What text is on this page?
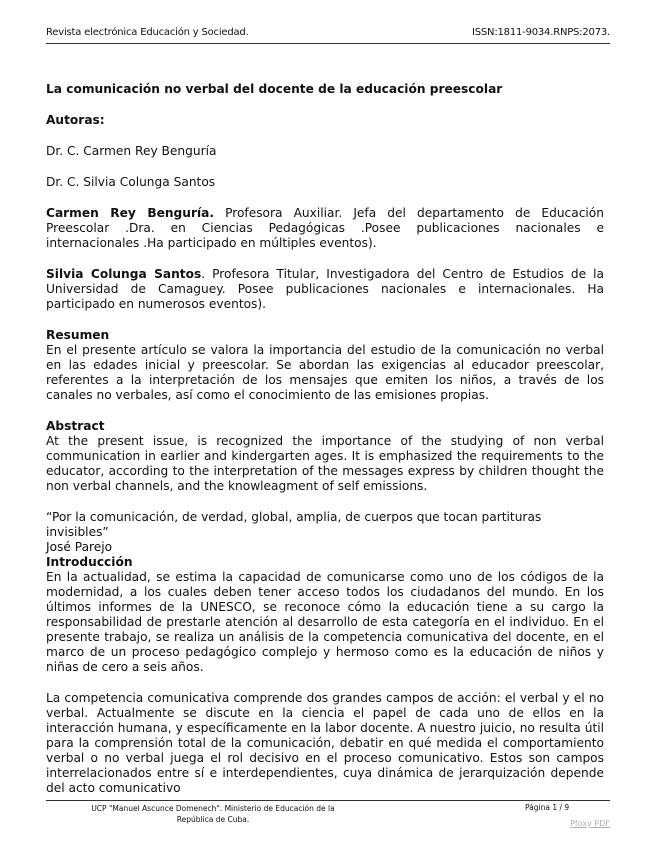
Revista electrónica Educación y Sociedad.	ISSN:1811-9034.RNPS:2073.

La comunicación no verbal del docente de la educación preescolar

Autoras:

Dr. C. Carmen Rey Benguría

Dr. C. Silvia Colunga Santos

Carmen Rey Benguría. Profesora Auxiliar. Jefa del departamento de Educación Preescolar .Dra. en Ciencias Pedagógicas .Posee publicaciones nacionales e internacionales .Ha participado en múltiples eventos).

Silvia Colunga Santos. Profesora Titular, Investigadora del Centro de Estudios de la Universidad de Camaguey. Posee publicaciones nacionales e internacionales. Ha participado en numerosos eventos).

Resumen

En el presente artículo se valora la importancia del estudio de la comunicación no verbal en las edades inicial y preescolar. Se abordan las exigencias al educador preescolar, referentes a la interpretación de los mensajes que emiten los niños, a través de los canales no verbales, así como el conocimiento de las emisiones propias.

Abstract

At the present issue, is recognized the importance of the studying of non verbal communication in earlier and kindergarten ages. It is emphasized the requirements to the educator, according to the interpretation of the messages express by children thought the non verbal channels, and the knowleagment of self emissions.

“Por la comunicación, de verdad, global, amplia, de cuerpos que tocan partituras invisibles”

José Parejo

Introducción

En la actualidad, se estima la capacidad de comunicarse como uno de los códigos de la modernidad, a los cuales deben tener acceso todos los ciudadanos del mundo. En los últimos informes de la UNESCO, se reconoce cómo la educación tiene a su cargo la responsabilidad de prestarle atención al desarrollo de esta categoría en el individuo. En el presente trabajo, se realiza un análisis de la competencia comunicativa del docente, en el marco de un proceso pedagógico complejo y hermoso como es la educación de niños y niñas de cero a seis años.

La competencia comunicativa comprende dos grandes campos de acción: el verbal y el no verbal. Actualmente se discute en la ciencia el papel de cada uno de ellos en la interacción humana, y específicamente en la labor docente. A nuestro juicio, no resulta útil para la comprensión total de la comunicación, debatir en qué medida el comportamiento verbal o no verbal juega el rol decisivo en el proceso comunicativo. Estos son campos interrelacionados entre sí e interdependientes, cuya dinámica de jerarquización depende del acto comunicativo

UCP "Manuel Ascunce Domenech". Ministerio de Educación de la
República de Cuba.
Página 1 / 9
Pfoxy PDF
